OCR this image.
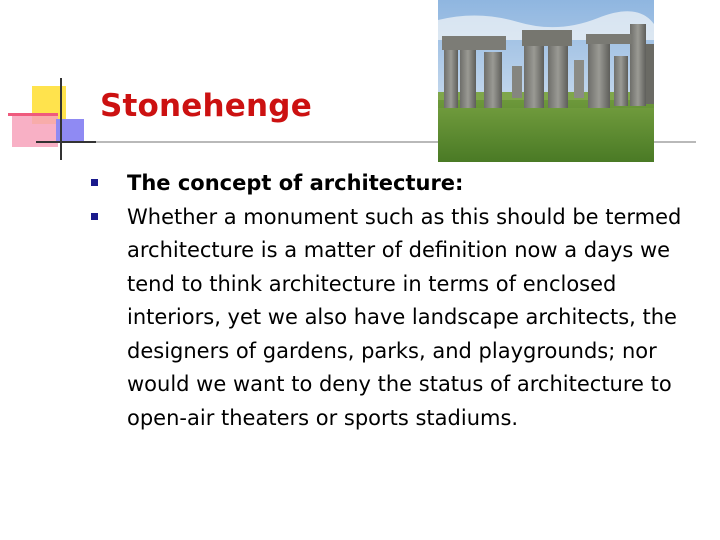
Stonehenge
The concept of architecture:
Whether a monument such as this should be termed architecture is a matter of definition now a days we tend to think architecture in terms of enclosed interiors, yet we also have landscape architects, the designers of gardens, parks, and playgrounds; nor would we want to deny the status of architecture to open-air theaters or sports stadiums.
